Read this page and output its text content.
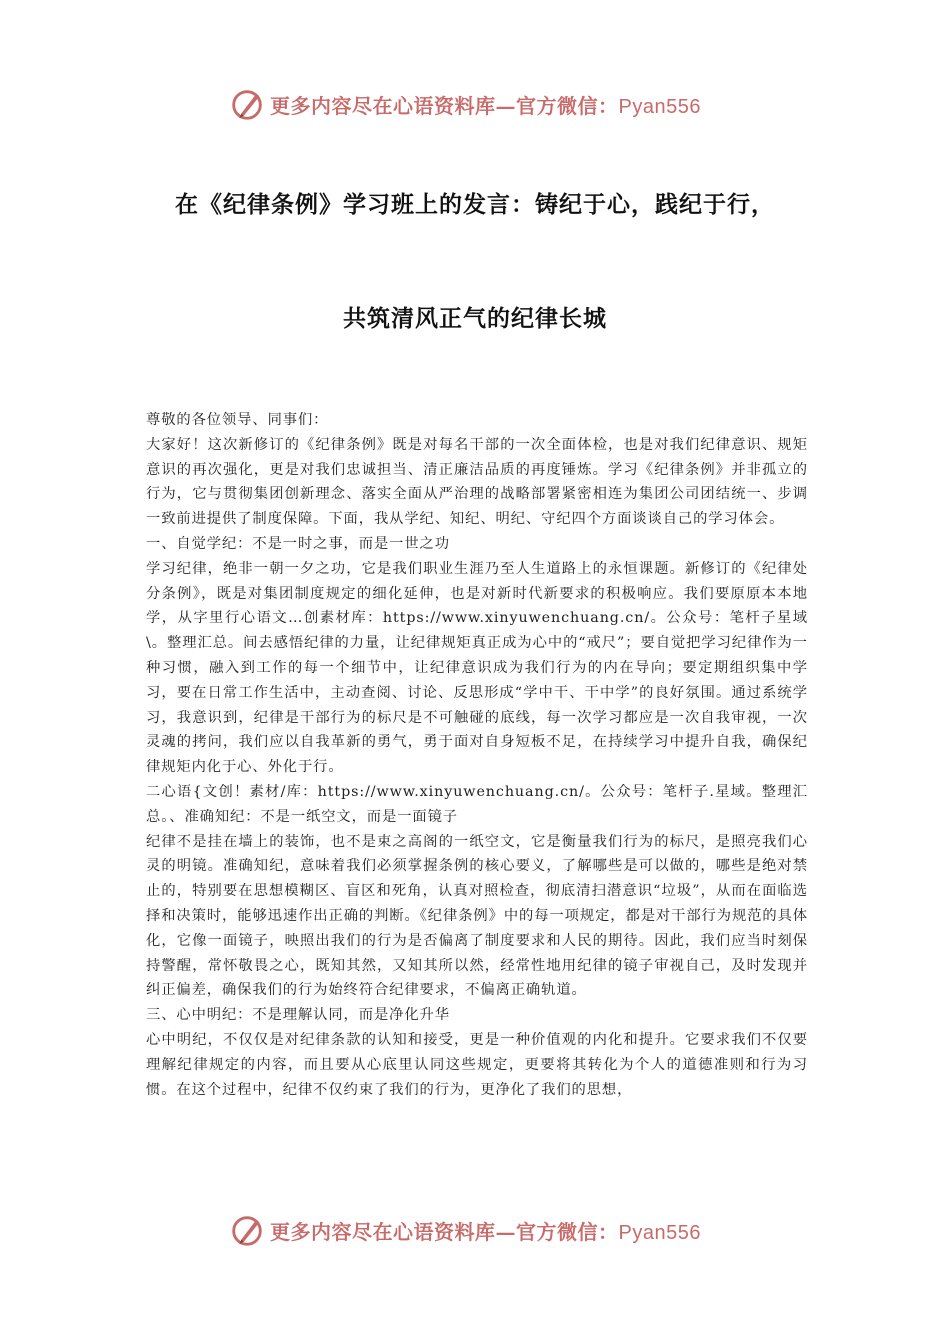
更多内容尽在心语资料库—官方微信：Pyan556
在《纪律条例》学习班上的发言：铸纪于心，践纪于行，
共筑清风正气的纪律长城

尊敬的各位领导、同事们：

大家好！这次新修订的《纪律条例》既是对每名干部的一次全面体检，也是对我们纪律意识、规矩意识的再次强化，更是对我们忠诚担当、清正廉洁品质的再度锤炼。学习《纪律条例》并非孤立的行为，它与贯彻集团创新理念、落实全面从严治理的战略部署紧密相连为集团公司团结统一、步调一致前进提供了制度保障。下面，我从学纪、知纪、明纪、守纪四个方面谈谈自己的学习体会。

一、自觉学纪：不是一时之事，而是一世之功

学习纪律，绝非一朝一夕之功，它是我们职业生涯乃至人生道路上的永恒课题。新修订的《纪律处分条例》，既是对集团制度规定的细化延伸，也是对新时代新要求的积极响应。我们要原原本本地学，从字里行心语文…创素材库：https://www.xinyuwenchuang.cn/。公众号：笔杆子星域\。整理汇总。间去感悟纪律的力量，让纪律规矩真正成为心中的“戒尺”；要自觉把学习纪律作为一种习惯，融入到工作的每一个细节中，让纪律意识成为我们行为的内在导向；要定期组织集中学习，要在日常工作生活中，主动查阅、讨论、反思形成“学中干、干中学”的良好氛围。通过系统学习，我意识到，纪律是干部行为的标尺是不可触碰的底线，每一次学习都应是一次自我审视，一次灵魂的拷问，我们应以自我革新的勇气，勇于面对自身短板不足，在持续学习中提升自我，确保纪律规矩内化于心、外化于行。

二心语{文创！素材/库：https://www.xinyuwenchuang.cn/。公众号：笔杆子.星域。整理汇总。、准确知纪：不是一纸空文，而是一面镜子

纪律不是挂在墙上的装饰，也不是束之高阁的一纸空文，它是衡量我们行为的标尺，是照亮我们心灵的明镜。准确知纪，意味着我们必须掌握条例的核心要义，了解哪些是可以做的，哪些是绝对禁止的，特别要在思想模糊区、盲区和死角，认真对照检查，彻底清扫潜意识“垃圾”，从而在面临选择和决策时，能够迅速作出正确的判断。《纪律条例》中的每一项规定，都是对干部行为规范的具体化，它像一面镜子，映照出我们的行为是否偏离了制度要求和人民的期待。因此，我们应当时刻保持警醒，常怀敬畏之心，既知其然，又知其所以然，经常性地用纪律的镜子审视自己，及时发现并纠正偏差，确保我们的行为始终符合纪律要求，不偏离正确轨道。

三、心中明纪：不是理解认同，而是净化升华

心中明纪，不仅仅是对纪律条款的认知和接受，更是一种价值观的内化和提升。它要求我们不仅要理解纪律规定的内容，而且要从心底里认同这些规定，更要将其转化为个人的道德准则和行为习惯。在这个过程中，纪律不仅约束了我们的行为，更净化了我们的思想，

更多内容尽在心语资料库—官方微信：Pyan556
